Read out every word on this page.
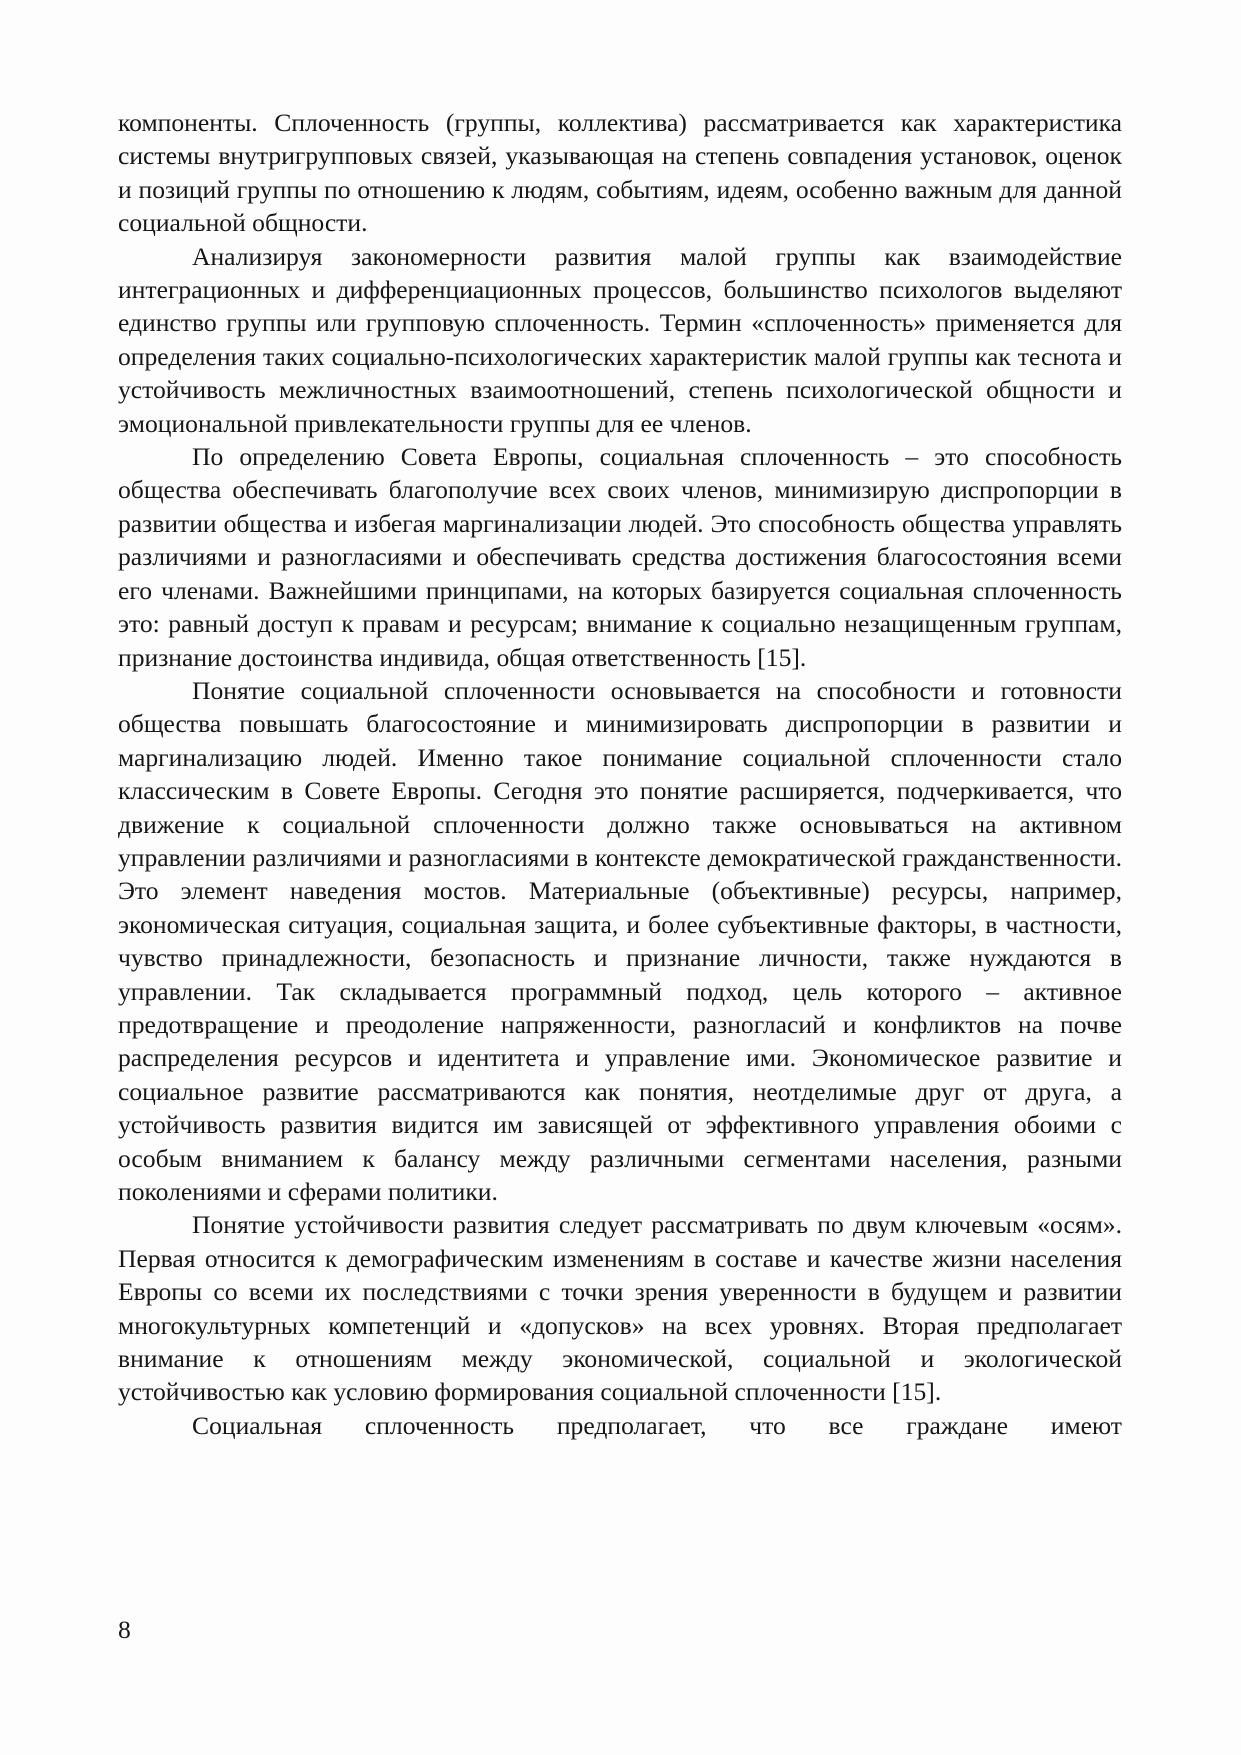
компоненты. Сплоченность (группы, коллектива) рассматривается как характеристика системы внутригрупповых связей, указывающая на степень совпадения установок, оценок и позиций группы по отношению к людям, событиям, идеям, особенно важным для данной социальной общности.

Анализируя закономерности развития малой группы как взаимодействие интеграционных и дифференциационных процессов, большинство психологов выделяют единство группы или групповую сплоченность. Термин «сплоченность» применяется для определения таких социально-психологических характеристик малой группы как теснота и устойчивость межличностных взаимоотношений, степень психологической общности и эмоциональной привлекательности группы для ее членов.

По определению Совета Европы, социальная сплоченность – это способность общества обеспечивать благополучие всех своих членов, минимизирую диспропорции в развитии общества и избегая маргинализации людей. Это способность общества управлять различиями и разногласиями и обеспечивать средства достижения благосостояния всеми его членами. Важнейшими принципами, на которых базируется социальная сплоченность это: равный доступ к правам и ресурсам; внимание к социально незащищенным группам, признание достоинства индивида, общая ответственность [15].

Понятие социальной сплоченности основывается на способности и готовности общества повышать благосостояние и минимизировать диспропорции в развитии и маргинализацию людей. Именно такое понимание социальной сплоченности стало классическим в Совете Европы. Сегодня это понятие расширяется, подчеркивается, что движение к социальной сплоченности должно также основываться на активном управлении различиями и разногласиями в контексте демократической гражданственности. Это элемент наведения мостов. Материальные (объективные) ресурсы, например, экономическая ситуация, социальная защита, и более субъективные факторы, в частности, чувство принадлежности, безопасность и признание личности, также нуждаются в управлении. Так складывается программный подход, цель которого – активное предотвращение и преодоление напряженности, разногласий и конфликтов на почве распределения ресурсов и идентитета и управление ими. Экономическое развитие и социальное развитие рассматриваются как понятия, неотделимые друг от друга, а устойчивость развития видится им зависящей от эффективного управления обоими с особым вниманием к балансу между различными сегментами населения, разными поколениями и сферами политики.

Понятие устойчивости развития следует рассматривать по двум ключевым «осям». Первая относится к демографическим изменениям в составе и качестве жизни населения Европы со всеми их последствиями с точки зрения уверенности в будущем и развитии многокультурных компетенций и «допусков» на всех уровнях. Вторая предполагает внимание к отношениям между экономической, социальной и экологической устойчивостью как условию формирования социальной сплоченности [15].

Социальная сплоченность предполагает, что все граждане имеют

8
